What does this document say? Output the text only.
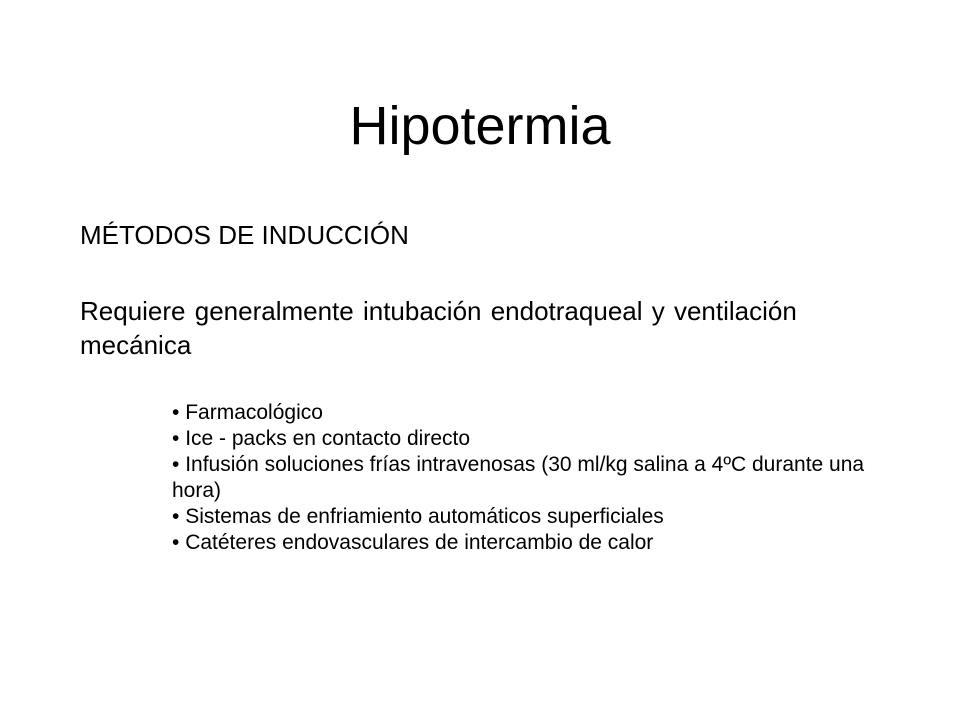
Hipotermia

MÉTODOS DE INDUCCIÓN

Requiere generalmente intubación endotraqueal y ventilación mecánica

• Farmacológico
• Ice - packs en contacto directo
• Infusión soluciones frías intravenosas (30 ml/kg salina a 4ºC durante una hora)
• Sistemas de enfriamiento automáticos superficiales
• Catéteres endovasculares de intercambio de calor
